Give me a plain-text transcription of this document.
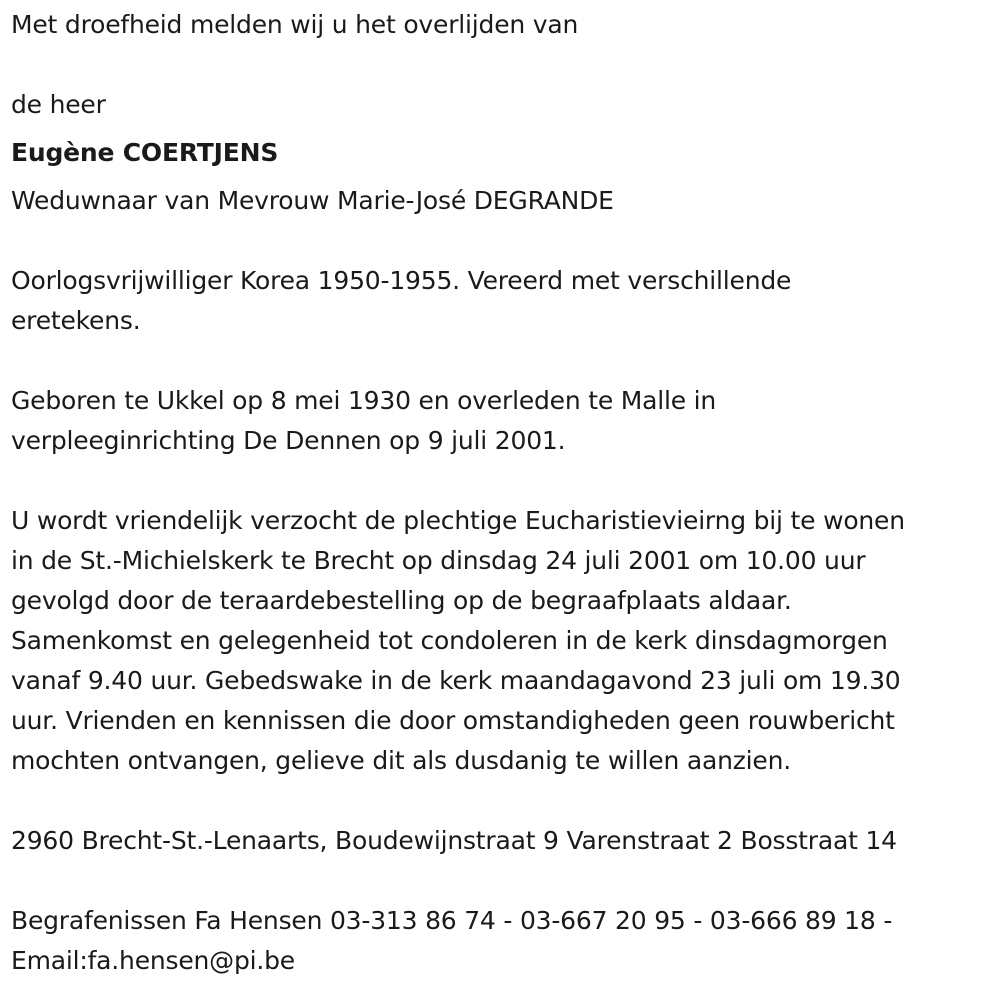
Met droefheid melden wij u het overlijden van
de heer
Eugène COERTJENS
Weduwnaar van Mevrouw Marie-José DEGRANDE
Oorlogsvrijwilliger Korea 1950-1955. Vereerd met verschillende
eretekens.
Geboren te Ukkel op 8 mei 1930 en overleden te Malle in
verpleeginrichting De Dennen op 9 juli 2001.
U wordt vriendelijk verzocht de plechtige Eucharistievieirng bij te wonen
in de St.-Michielskerk te Brecht op dinsdag 24 juli 2001 om 10.00 uur
gevolgd door de teraardebestelling op de begraafplaats aldaar.
Samenkomst en gelegenheid tot condoleren in de kerk dinsdagmorgen
vanaf 9.40 uur. Gebedswake in de kerk maandagavond 23 juli om 19.30
uur. Vrienden en kennissen die door omstandigheden geen rouwbericht
mochten ontvangen, gelieve dit als dusdanig te willen aanzien.
2960 Brecht-St.-Lenaarts, Boudewijnstraat 9 Varenstraat 2 Bosstraat 14
Begrafenissen Fa Hensen 03-313 86 74 - 03-667 20 95 - 03-666 89 18 -
Email:fa.hensen@pi.be
